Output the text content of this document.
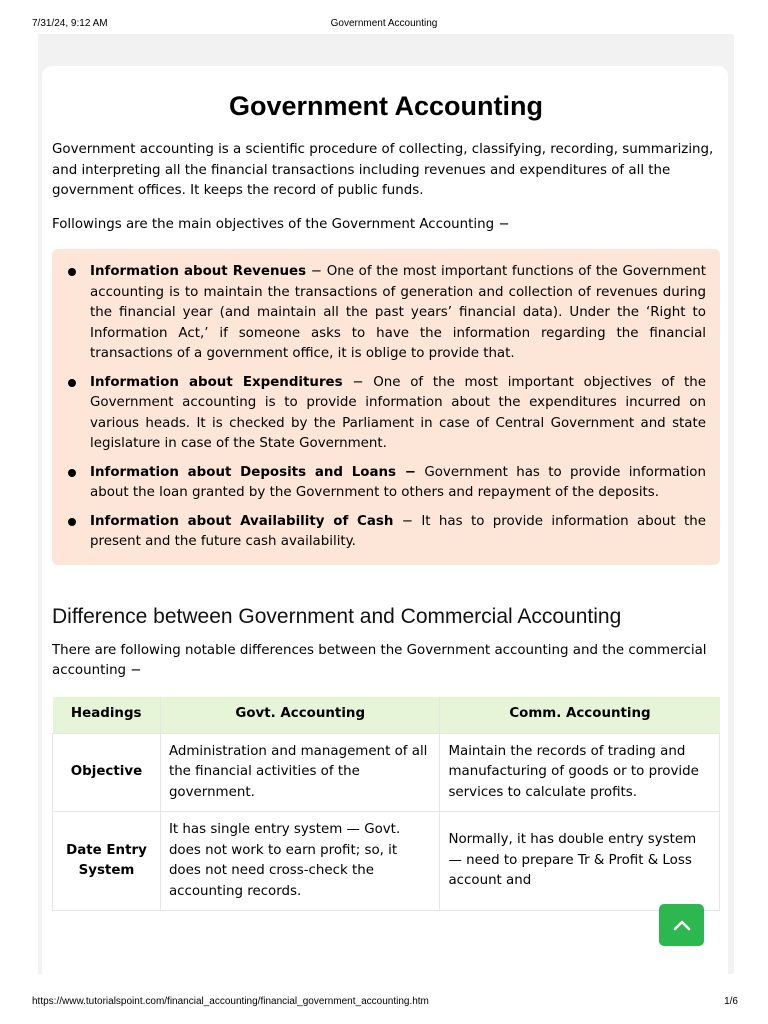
Government Accounting
7/31/24, 9:12 AM
Government Accounting

Government accounting is a scientific procedure of collecting, classifying, recording, summarizing, and interpreting all the financial transactions including revenues and expenditures of all the government offices. It keeps the record of public funds.

Followings are the main objectives of the Government Accounting −

Information about Revenues − One of the most important functions of the Government accounting is to maintain the transactions of generation and collection of revenues during the financial year (and maintain all the past years’ financial data). Under the ‘Right to Information Act,’ if someone asks to have the information regarding the financial transactions of a government office, it is oblige to provide that.
Information about Expenditures − One of the most important objectives of the Government accounting is to provide information about the expenditures incurred on various heads. It is checked by the Parliament in case of Central Government and state legislature in case of the State Government.
Information about Deposits and Loans − Government has to provide information about the loan granted by the Government to others and repayment of the deposits.
Information about Availability of Cash − It has to provide information about the present and the future cash availability.
Difference between Government and Commercial Accounting

There are following notable differences between the Government accounting and the commercial accounting −

Headings	Govt. Accounting	Comm. Accounting
Objective	Administration and management of all the financial activities of the government.	Maintain the records of trading and manufacturing of goods or to provide services to calculate profits.
Date Entry System	It has single entry system — Govt. does not work to earn profit; so, it does not need cross-check the accounting records.	Normally, it has double entry system — need to prepare Tr & Profit & Loss account and
https://www.tutorialspoint.com/financial_accounting/financial_government_accounting.htm	1/6
